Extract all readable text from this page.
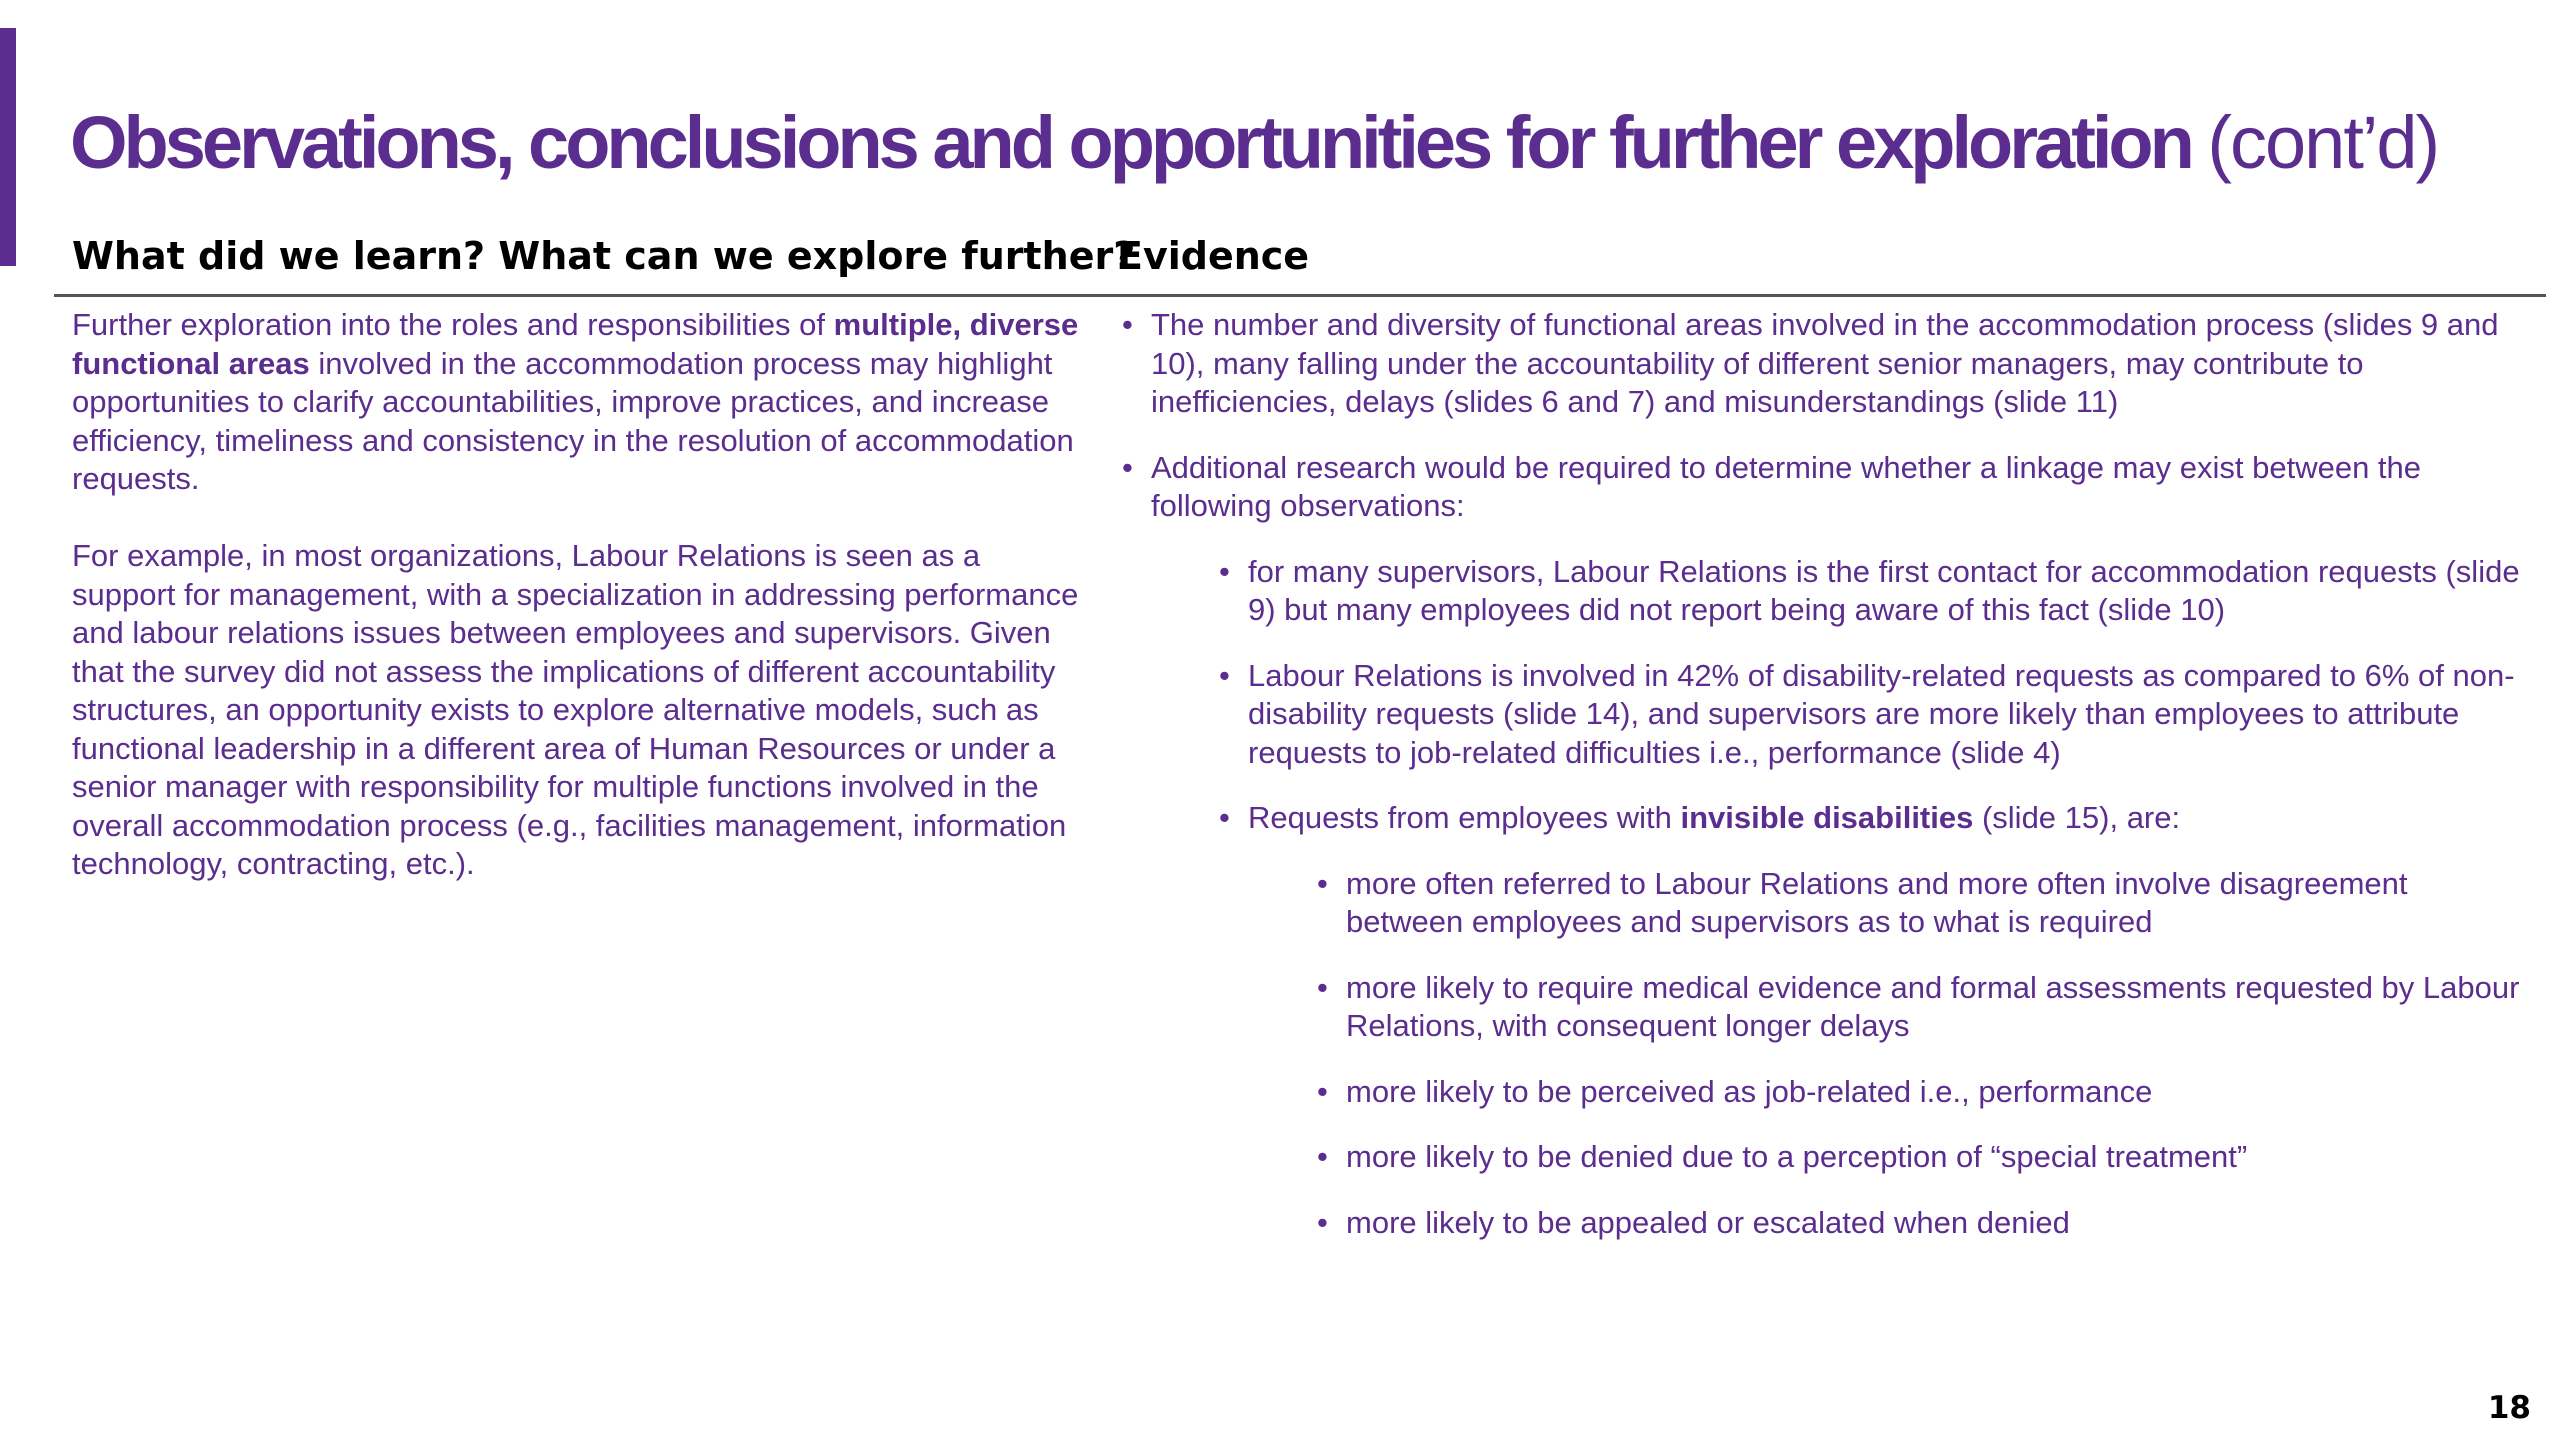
Observations, conclusions and opportunities for further exploration (cont’d)
What did we learn? What can we explore further?
Evidence

Further exploration into the roles and responsibilities of multiple, diverse functional areas involved in the accommodation process may highlight opportunities to clarify accountabilities, improve practices, and increase efficiency, timeliness and consistency in the resolution of accommodation requests.

For example, in most organizations, Labour Relations is seen as a support for management, with a specialization in addressing performance and labour relations issues between employees and supervisors. Given that the survey did not assess the implications of different accountability structures, an opportunity exists to explore alternative models, such as functional leadership in a different area of Human Resources or under a senior manager with responsibility for multiple functions involved in the overall accommodation process (e.g., facilities management, information technology, contracting, etc.).

• The number and diversity of functional areas involved in the accommodation process (slides 9 and 10), many falling under the accountability of different senior managers, may contribute to inefficiencies, delays (slides 6 and 7) and misunderstandings (slide 11)
• Additional research would be required to determine whether a linkage may exist between the following observations:
• for many supervisors, Labour Relations is the first contact for accommodation requests (slide 9) but many employees did not report being aware of this fact (slide 10)
• Labour Relations is involved in 42% of disability-related requests as compared to 6% of non-disability requests (slide 14), and supervisors are more likely than employees to attribute requests to job-related difficulties i.e., performance (slide 4)
• Requests from employees with invisible disabilities (slide 15), are:
• more often referred to Labour Relations and more often involve disagreement between employees and supervisors as to what is required
• more likely to require medical evidence and formal assessments requested by Labour Relations, with consequent longer delays
• more likely to be perceived as job-related i.e., performance
• more likely to be denied due to a perception of “special treatment”
• more likely to be appealed or escalated when denied
18
